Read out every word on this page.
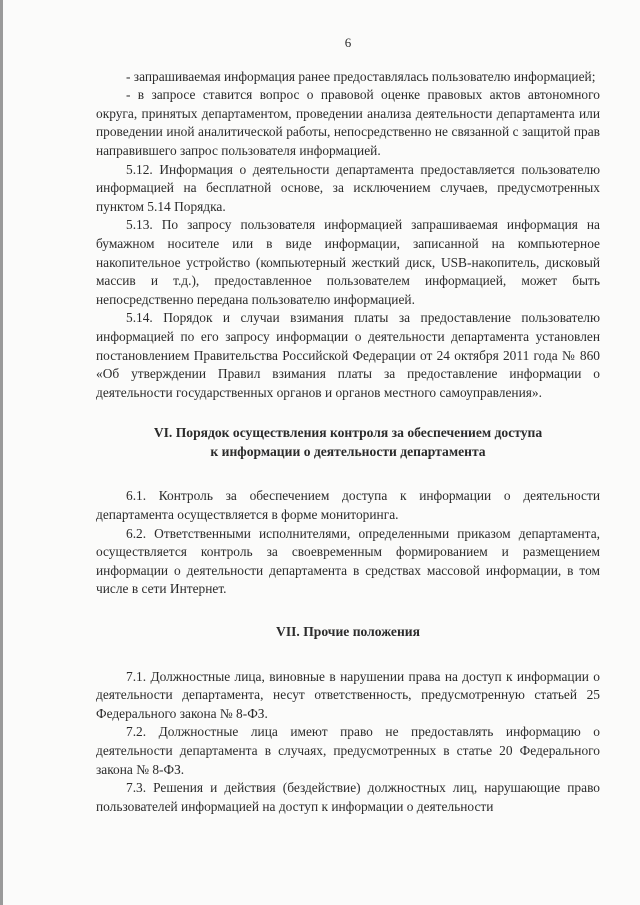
6

- запрашиваемая информация ранее предоставлялась пользователю информацией;

- в запросе ставится вопрос о правовой оценке правовых актов автономного округа, принятых департаментом, проведении анализа деятельности департамента или проведении иной аналитической работы, непосредственно не связанной с защитой прав направившего запрос пользователя информацией.

5.12. Информация о деятельности департамента предоставляется пользователю информацией на бесплатной основе, за исключением случаев, предусмотренных пунктом 5.14 Порядка.

5.13. По запросу пользователя информацией запрашиваемая информация на бумажном носителе или в виде информации, записанной на компьютерное накопительное устройство (компьютерный жесткий диск, USB-накопитель, дисковый массив и т.д.), предоставленное пользователем информацией, может быть непосредственно передана пользователю информацией.

5.14. Порядок и случаи взимания платы за предоставление пользователю информацией по его запросу информации о деятельности департамента установлен постановлением Правительства Российской Федерации от 24 октября 2011 года № 860 «Об утверждении Правил взимания платы за предоставление информации о деятельности государственных органов и органов местного самоуправления».

VI. Порядок осуществления контроля за обеспечением доступа
к информации о деятельности департамента

6.1. Контроль за обеспечением доступа к информации о деятельности департамента осуществляется в форме мониторинга.

6.2. Ответственными исполнителями, определенными приказом департамента, осуществляется контроль за своевременным формированием и размещением информации о деятельности департамента в средствах массовой информации, в том числе в сети Интернет.

VII. Прочие положения

7.1. Должностные лица, виновные в нарушении права на доступ к информации о деятельности департамента, несут ответственность, предусмотренную статьей 25 Федерального закона № 8-ФЗ.

7.2. Должностные лица имеют право не предоставлять информацию о деятельности департамента в случаях, предусмотренных в статье 20 Федерального закона № 8-ФЗ.

7.3. Решения и действия (бездействие) должностных лиц, нарушающие право пользователей информацией на доступ к информации о деятельности
